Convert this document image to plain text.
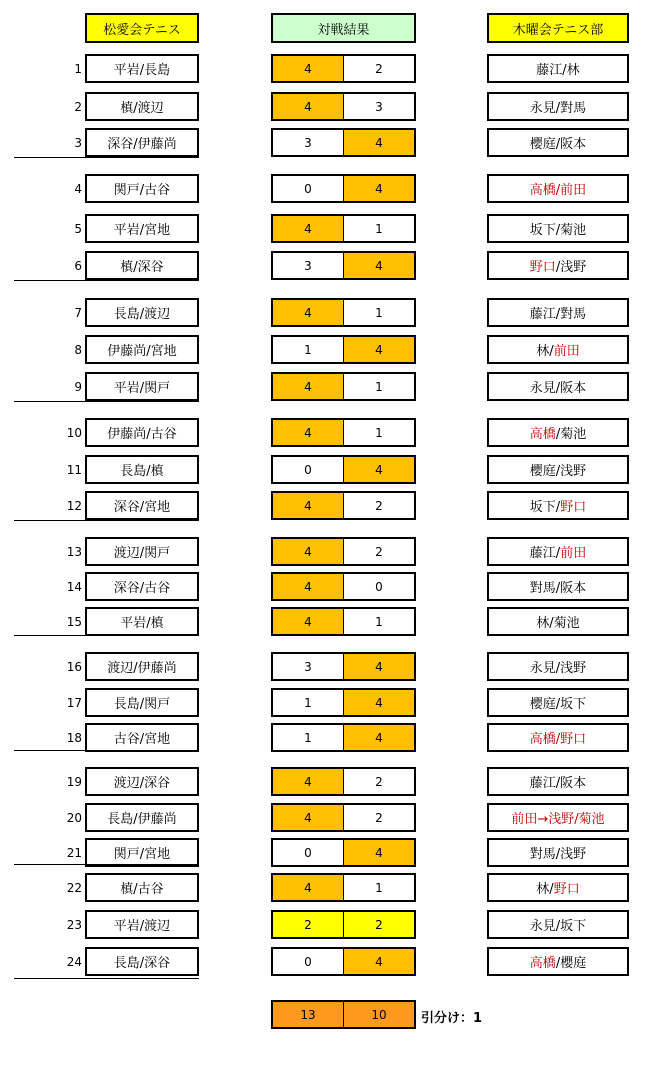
松愛会テニス	対戦結果	木曜会テニス部
1 平岩/長島	4	2	藤江/林
2	槙/渡辺	4	3	永見/對馬
3 深谷/伊藤尚	3	4	櫻庭/阪本
4 関戸/古谷	0	4	高橋/前田
5 平岩/宮地	4	1	坂下/菊池
6	槙/深谷	3	4	野口 /浅野
7 長島/渡辺	4	1	藤江/對馬
8 伊藤尚/宮地	1	4	林/ 前田
9 平岩/関戸	4	1	永見/阪本
10 伊藤尚/古谷	4	1	高橋 /菊池
11	長島/槙	0	4	櫻庭/浅野
12 深谷/宮地	4	2	坂下/ 野口
13 渡辺/関戸	4	2	藤江/ 前田
14 深谷/古谷	4	0	對馬/阪本
15	平岩/槙	4	1	林/菊池
16 渡辺/伊藤尚	3	4	永見/浅野
17 長島/関戸	1	4	櫻庭/坂下
18 古谷/宮地	1	4	高橋/野口
19 渡辺/深谷	4	2	藤江/阪本
20 長島/伊藤尚	4	2	前田→浅野/菊池
21 関戸/宮地	0	4	對馬/浅野
22	槙/古谷	4	1	林/ 野口
23 平岩/渡辺	2	2	永見/坂下
24 長島/深谷	0	4	高橋 /櫻庭
13	10	引分け：1
